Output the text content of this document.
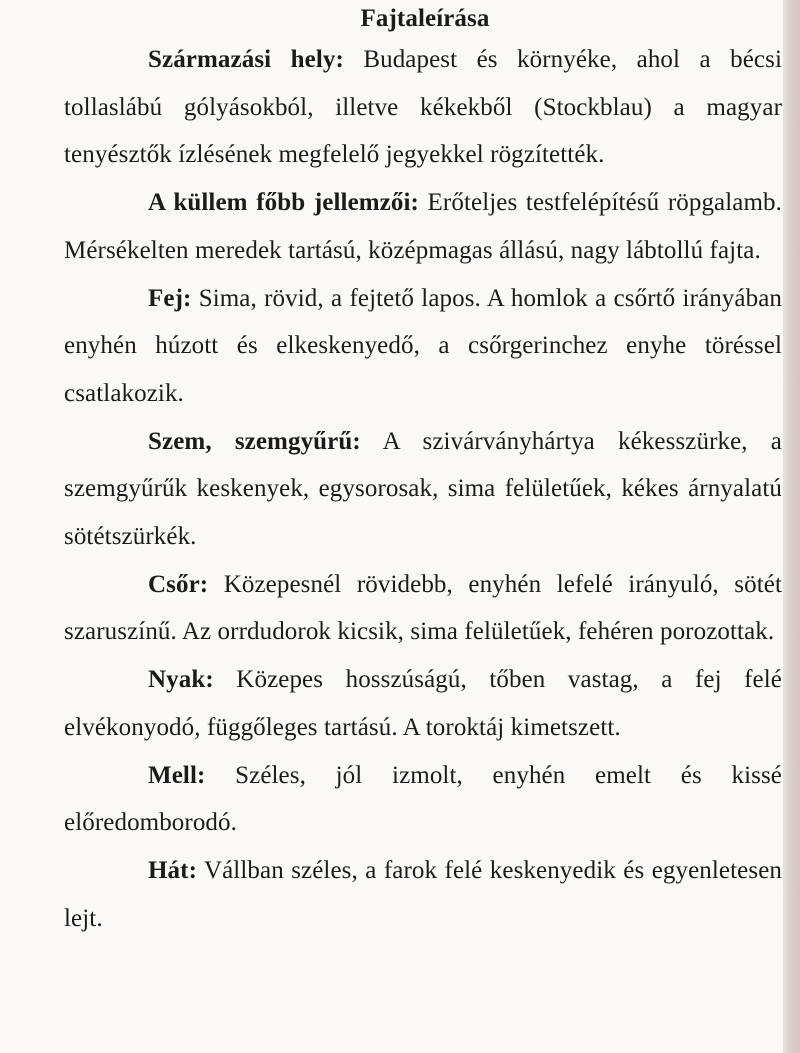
Fajtaleírása

Származási hely: Budapest és környéke, ahol a bécsi tollaslábú gólyásokból, illetve kékekből (Stockblau) a magyar tenyésztők ízlésének megfelelő jegyekkel rögzítették.

A küllem főbb jellemzői: Erőteljes testfelépítésű röpgalamb. Mérsékelten meredek tartású, középmagas állású, nagy lábtollú fajta.

Fej: Sima, rövid, a fejtető lapos. A homlok a csőrtő irányában enyhén húzott és elkeskenyedő, a csőrgerinchez enyhe töréssel csatlakozik.

Szem, szemgyűrű: A szivárványhártya kékesszürke, a szemgyűrűk keskenyek, egysorosak, sima felületűek, kékes árnyalatú sötétszürkék.

Csőr: Közepesnél rövidebb, enyhén lefelé irányuló, sötét szaruszínű. Az orrdudorok kicsik, sima felületűek, fehéren porozottak.

Nyak: Közepes hosszúságú, tőben vastag, a fej felé elvékonyodó, függőleges tartású. A toroktáj kimetszett.

Mell: Széles, jól izmolt, enyhén emelt és kissé előredomborodó.

Hát: Vállban széles, a farok felé keskenyedik és egyenletesen lejt.
